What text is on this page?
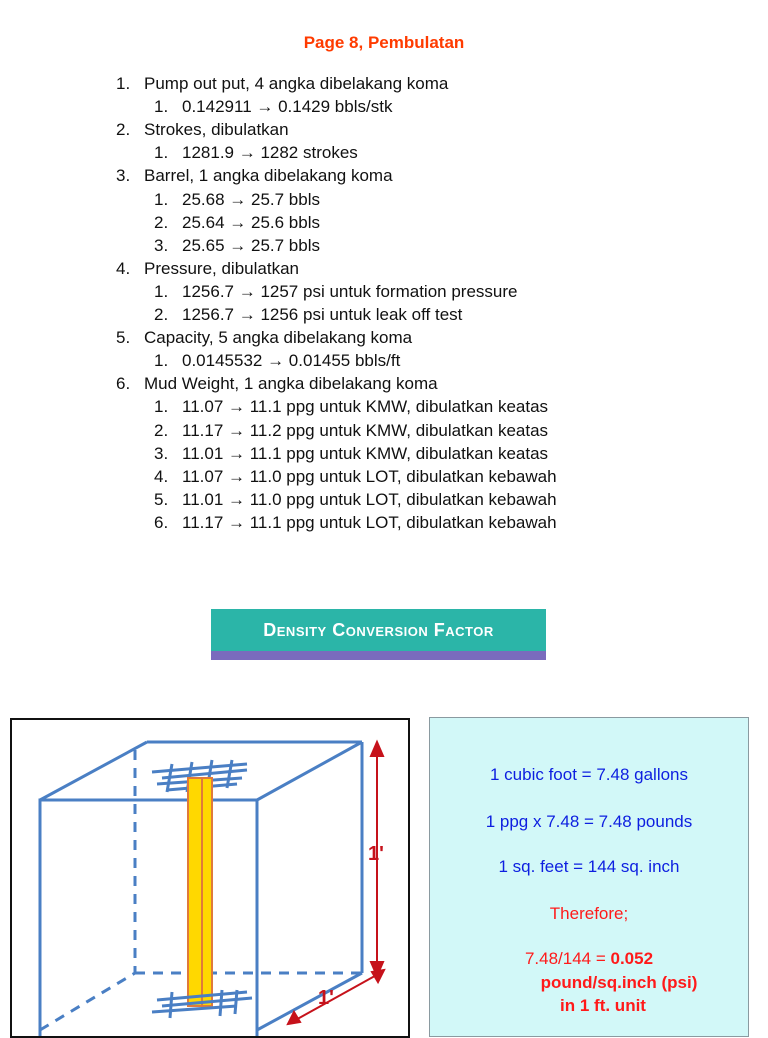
Page 8, Pembulatan
1. Pump out put, 4 angka dibelakang koma
1. 0.142911 → 0.1429 bbls/stk
2. Strokes, dibulatkan
1. 1281.9 → 1282 strokes
3. Barrel, 1 angka dibelakang koma
1. 25.68 → 25.7 bbls
2. 25.64 → 25.6 bbls
3. 25.65 → 25.7 bbls
4. Pressure, dibulatkan
1. 1256.7 → 1257 psi untuk formation pressure
2. 1256.7 → 1256 psi untuk leak off test
5. Capacity, 5 angka dibelakang koma
1. 0.0145532 → 0.01455 bbls/ft
6. Mud Weight, 1 angka dibelakang koma
1. 11.07 → 11.1 ppg untuk KMW, dibulatkan keatas
2. 11.17 → 11.2 ppg untuk KMW, dibulatkan keatas
3. 11.01 → 11.1 ppg untuk KMW, dibulatkan keatas
4. 11.07 → 11.0 ppg untuk LOT, dibulatkan kebawah
5. 11.01 → 11.0 ppg untuk LOT, dibulatkan kebawah
6. 11.17 → 11.1 ppg untuk LOT, dibulatkan kebawah
Density Conversion Factor
1'
1'
1 cubic foot = 7.48 gallons
1 ppg x 7.48 = 7.48 pounds
1 sq. feet = 144 sq. inch
Therefore;
7.48/144 = 0.052
pound/sq.inch (psi)
in 1 ft. unit
